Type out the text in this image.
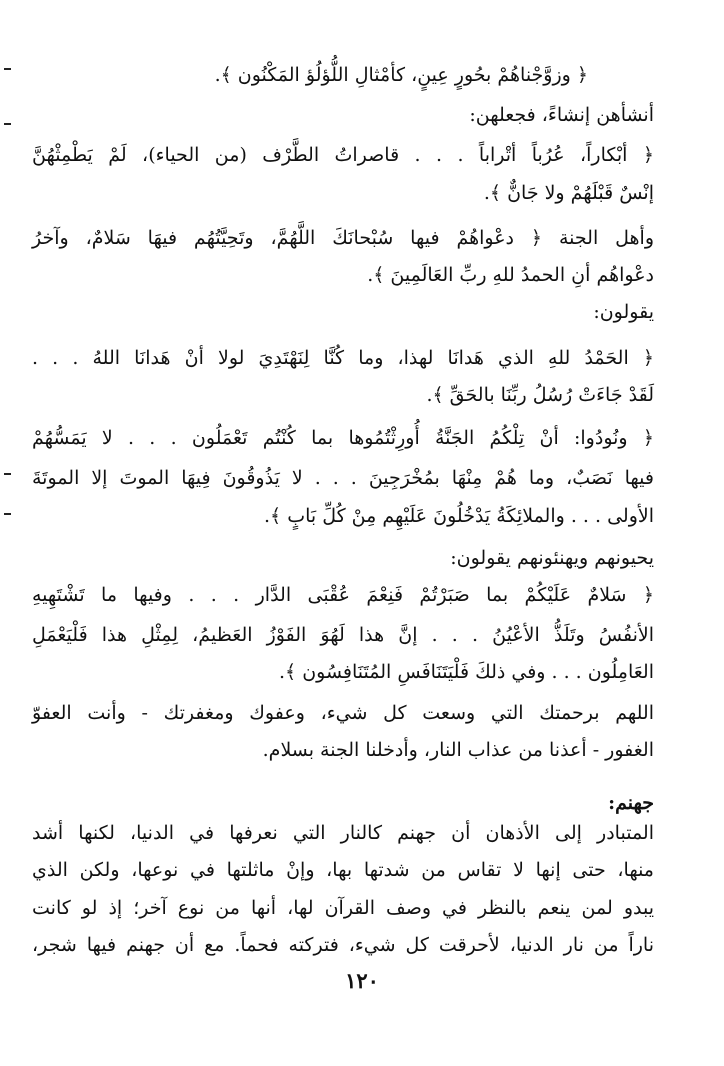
﴿ وزوَّجْناهُمْ بحُورٍ عِينٍ، كأمْثالِ اللُّؤلُؤ المَكْنُون ﴾.
أنشأهن إنشاءً، فجعلهن:
﴿ أبْكاراً، عُرُباً أتْراباً . . . قاصراتُ الطَّرْف (من الحياء)، لَمْ يَطْمِثْهُنَّ
إنْسٌ قَبْلَهُمْ ولا جَانٌّ ﴾.
وأهل الجنة ﴿ دعْواهُمْ فيها سُبْحانَكَ اللَّهُمَّ، وتَحِيَّتُهُم فيهَا سَلامٌ، وآخرُ
دعْواهُم أنِ الحمدُ للهِ ربِّ العَالَمِينَ ﴾.
يقولون:
﴿ الحَمْدُ للهِ الذي هَدانَا لهذا، وما كُنَّا لِنَهْتَدِيَ لولا أنْ هَدانَا اللهُ . . .
لَقَدْ جَاءَتْ رُسُلُ ربِّنَا بالحَقِّ ﴾.
﴿ ونُودُوا: أنْ تِلْكُمُ الجَنَّةُ أُورِثْتُمُوها بما كُنْتُم تَعْمَلُون . . . لا يَمَسُّهُمْ
فيها نَصَبٌ، وما هُمْ مِنْهَا بمُخْرَجِينَ . . . لا يَذُوقُونَ فِيهَا الموتَ إلا الموتَةَ
الأولى . . . والملائِكَةُ يَدْخُلُونَ عَلَيْهِم مِنْ كُلِّ بَابٍ ﴾.
يحيونهم ويهنئونهم يقولون:
﴿ سَلامٌ عَلَيْكُمْ بما صَبَرْتُمْ فَنِعْمَ عُقْبَى الدَّار . . . وفيها ما تَشْتَهِيهِ
الأنفُسُ وتَلَذُّ الأعْيُنُ . . . إنَّ هذا لَهُوَ الفَوْزُ العَظيمُ، لِمِثْلِ هذا فَلْيَعْمَلِ
العَامِلُون . . . وفي ذلكَ فَلْيَتَنَافَسِ المُتَنَافِسُون ﴾.
اللهم برحمتك التي وسعت كل شيء، وعفوك ومغفرتك - وأنت العفوّ
الغفور - أعذنا من عذاب النار، وأدخلنا الجنة بسلام.
جهنم:
المتبادر إلى الأذهان أن جهنم كالنار التي نعرفها في الدنيا، لكنها أشد
منها، حتى إنها لا تقاس من شدتها بها، وإنْ ماثلتها في نوعها، ولكن الذي
يبدو لمن ينعم بالنظر في وصف القرآن لها، أنها من نوع آخر؛ إذ لو كانت
ناراً من نار الدنيا، لأحرقت كل شيء، فتركته فحماً. مع أن جهنم فيها شجر،
١٢٠
